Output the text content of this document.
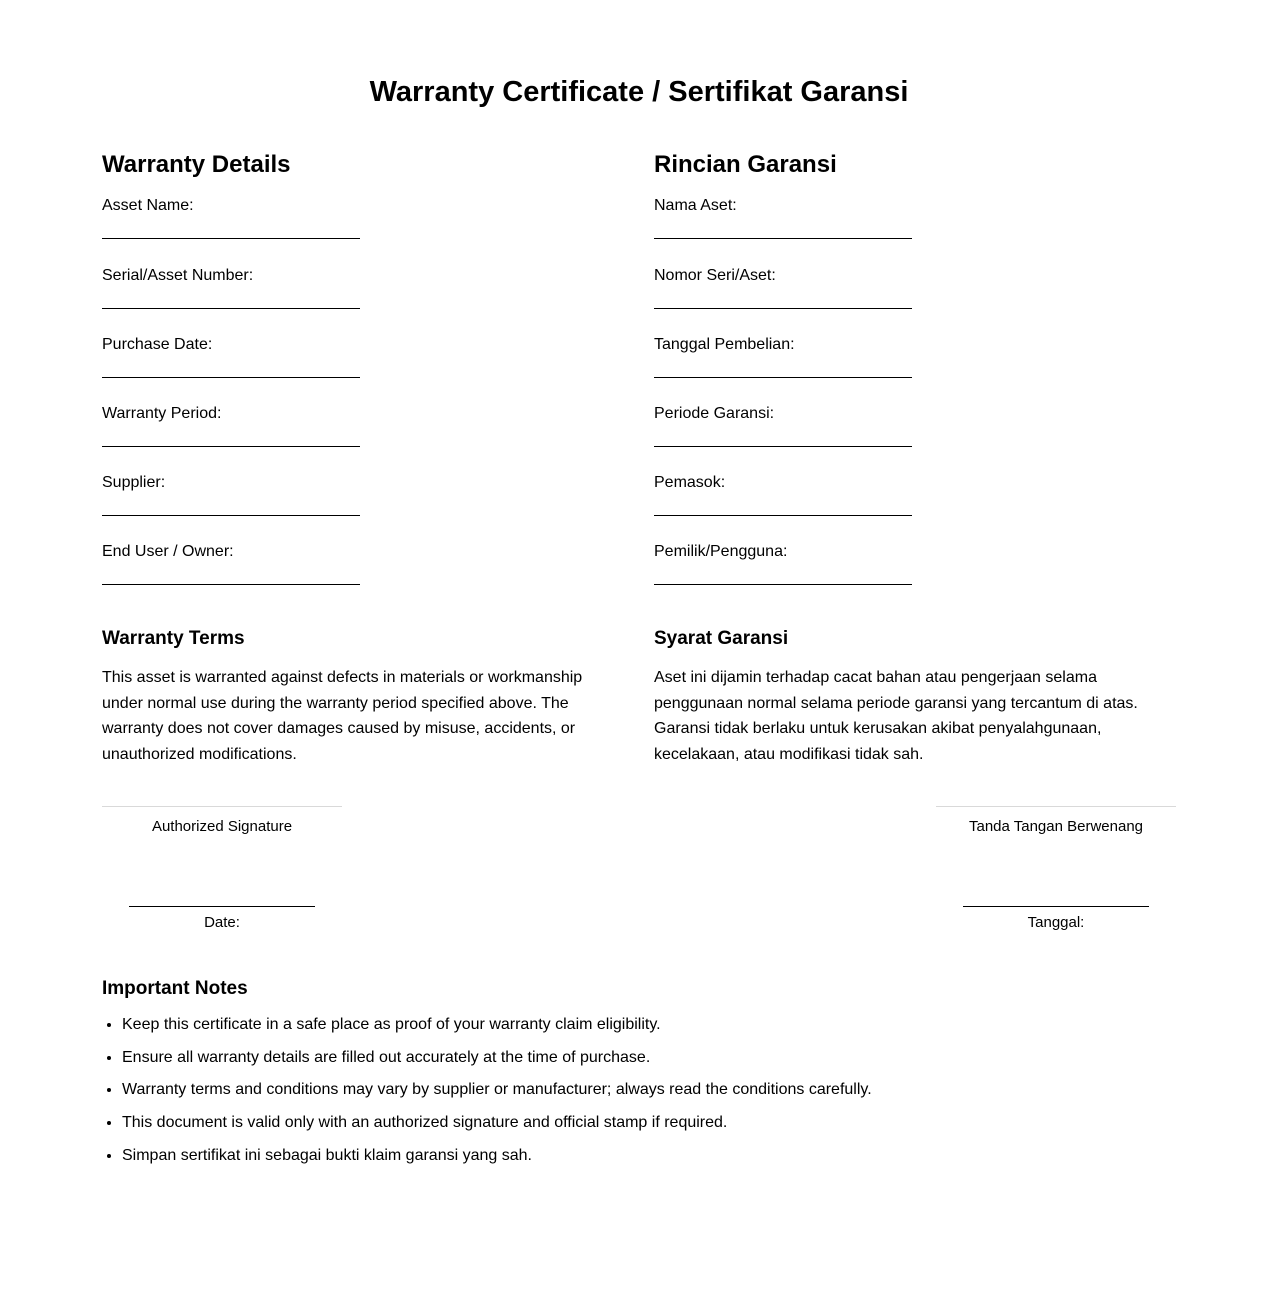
Warranty Certificate / Sertifikat Garansi
Warranty Details
Asset Name:
Serial/Asset Number:
Purchase Date:
Warranty Period:
Supplier:
End User / Owner:
Warranty Terms

This asset is warranted against defects in materials or workmanship under normal use during the warranty period specified above. The warranty does not cover damages caused by misuse, accidents, or unauthorized modifications.

Rincian Garansi
Nama Aset:
Nomor Seri/Aset:
Tanggal Pembelian:
Periode Garansi:
Pemasok:
Pemilik/Pengguna:
Syarat Garansi

Aset ini dijamin terhadap cacat bahan atau pengerjaan selama penggunaan normal selama periode garansi yang tercantum di atas. Garansi tidak berlaku untuk kerusakan akibat penyalahgunaan, kecelakaan, atau modifikasi tidak sah.

Authorized Signature
Date:
Tanda Tangan Berwenang
Tanggal:
Important Notes
• Keep this certificate in a safe place as proof of your warranty claim eligibility.
• Ensure all warranty details are filled out accurately at the time of purchase.
• Warranty terms and conditions may vary by supplier or manufacturer; always read the conditions carefully.
• This document is valid only with an authorized signature and official stamp if required.
• Simpan sertifikat ini sebagai bukti klaim garansi yang sah.
